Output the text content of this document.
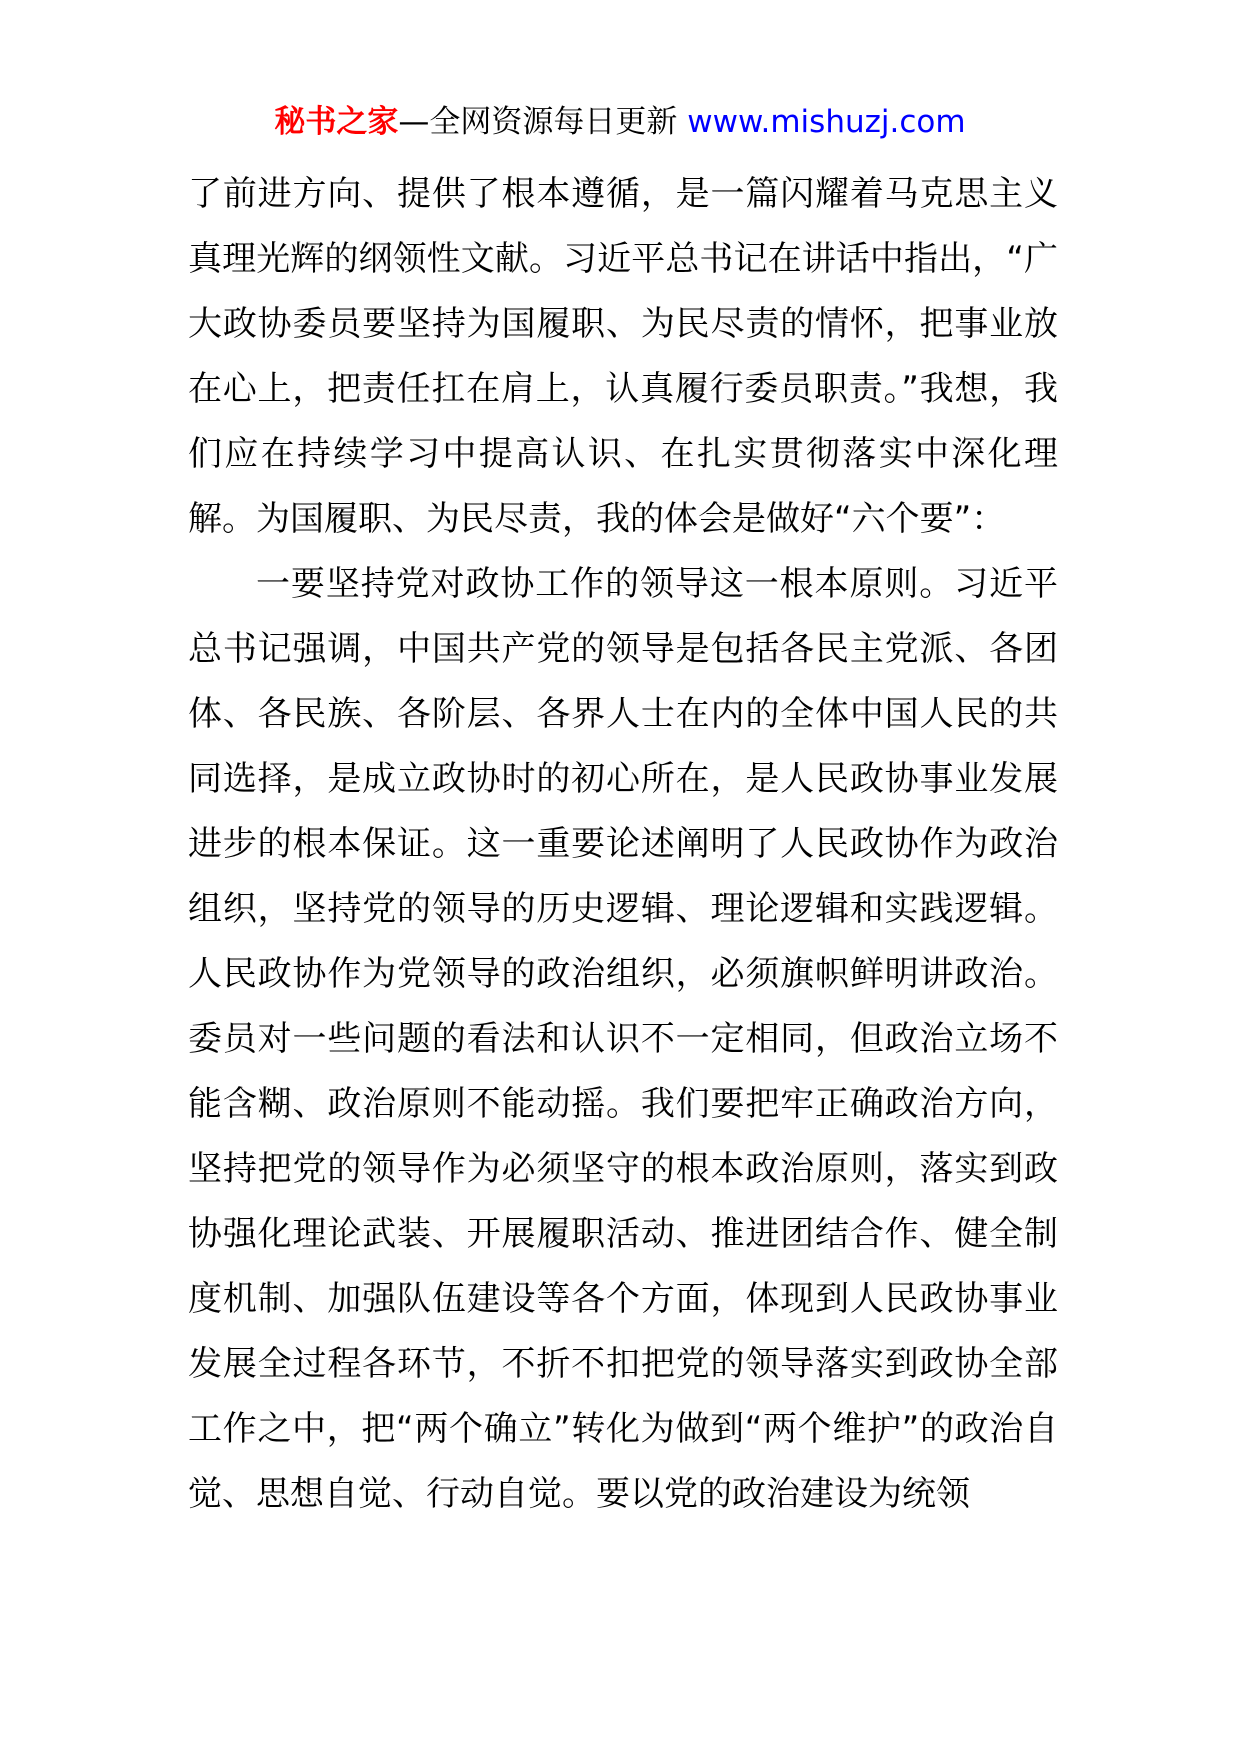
秘书之家—全网资源每日更新 www.mishuzj.com

了前进方向、提供了根本遵循，是一篇闪耀着马克思主义真理光辉的纲领性文献。习近平总书记在讲话中指出，“广大政协委员要坚持为国履职、为民尽责的情怀，把事业放在心上，把责任扛在肩上，认真履行委员职责。”我想，我们应在持续学习中提高认识、在扎实贯彻落实中深化理解。为国履职、为民尽责，我的体会是做好“六个要”：

一要坚持党对政协工作的领导这一根本原则。习近平总书记强调，中国共产党的领导是包括各民主党派、各团体、各民族、各阶层、各界人士在内的全体中国人民的共同选择，是成立政协时的初心所在，是人民政协事业发展进步的根本保证。这一重要论述阐明了人民政协作为政治组织，坚持党的领导的历史逻辑、理论逻辑和实践逻辑。人民政协作为党领导的政治组织，必须旗帜鲜明讲政治。委员对一些问题的看法和认识不一定相同，但政治立场不能含糊、政治原则不能动摇。我们要把牢正确政治方向，坚持把党的领导作为必须坚守的根本政治原则，落实到政协强化理论武装、开展履职活动、推进团结合作、健全制度机制、加强队伍建设等各个方面，体现到人民政协事业发展全过程各环节，不折不扣把党的领导落实到政协全部工作之中，把“两个确立”转化为做到“两个维护”的政治自觉、思想自觉、行动自觉。要以党的政治建设为统领
